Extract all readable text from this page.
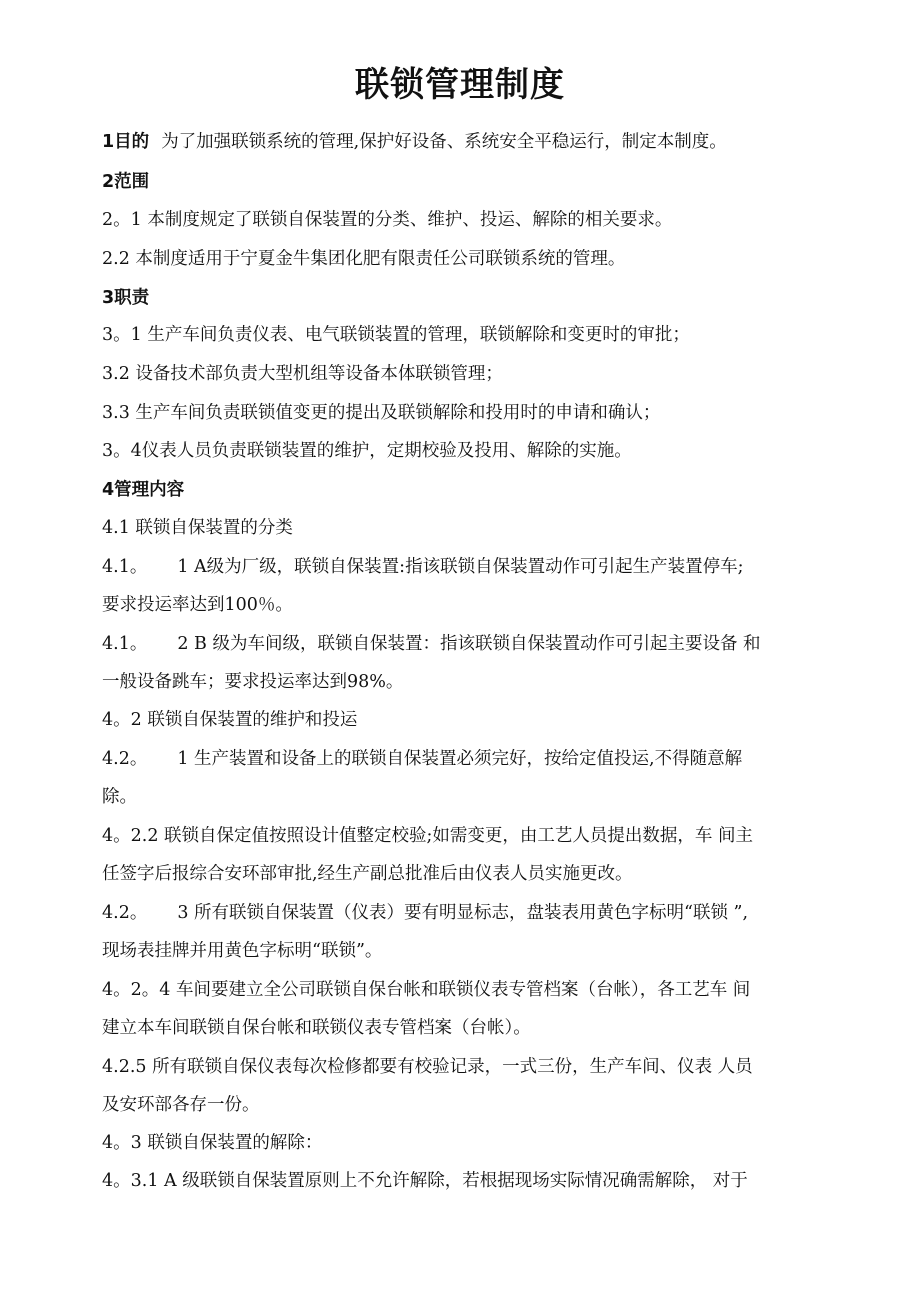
联锁管理制度
1目的 为了加强联锁系统的管理,保护好设备、系统安全平稳运行，制定本制度。
2范围
2。1 本制度规定了联锁自保装置的分类、维护、投运、解除的相关要求。
2.2 本制度适用于宁夏金牛集团化肥有限责任公司联锁系统的管理。
3职责
3。1 生产车间负责仪表、电气联锁装置的管理，联锁解除和变更时的审批；
3.2 设备技术部负责大型机组等设备本体联锁管理；
3.3 生产车间负责联锁值变更的提出及联锁解除和投用时的申请和确认；
3。4仪表人员负责联锁装置的维护，定期校验及投用、解除的实施。
4管理内容
4.1 联锁自保装置的分类
4.1。 1 A级为厂级，联锁自保装置:指该联锁自保装置动作可引起生产装置停车;
要求投运率达到100％。
4.1。 2 B 级为车间级，联锁自保装置：指该联锁自保装置动作可引起主要设备 和
一般设备跳车；要求投运率达到98%。
4。2 联锁自保装置的维护和投运
4.2。 1 生产装置和设备上的联锁自保装置必须完好，按给定值投运,不得随意解
除。
4。2.2 联锁自保定值按照设计值整定校验;如需变更，由工艺人员提出数据，车 间主
任签字后报综合安环部审批,经生产副总批准后由仪表人员实施更改。
4.2。 3 所有联锁自保装置（仪表）要有明显标志，盘装表用黄色字标明“联锁 ”,
现场表挂牌并用黄色字标明“联锁”。
4。2。4 车间要建立全公司联锁自保台帐和联锁仪表专管档案（台帐），各工艺车 间
建立本车间联锁自保台帐和联锁仪表专管档案（台帐）。
4.2.5 所有联锁自保仪表每次检修都要有校验记录，一式三份，生产车间、仪表 人员
及安环部各存一份。
4。3 联锁自保装置的解除：
4。3.1 A 级联锁自保装置原则上不允许解除，若根据现场实际情况确需解除， 对于
